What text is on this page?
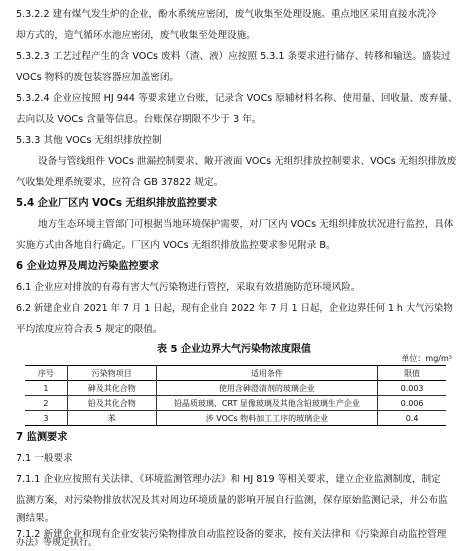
5.3.2.2 建有煤气发生炉的企业，酚水系统应密闭，废气收集至处理设施。重点地区采用直接水洗冷
却方式的，造气循环水池应密闭，废气收集至处理设施。
5.3.2.3 工艺过程产生的含 VOCs 废料（渣、液）应按照 5.3.1 条要求进行储存、转移和输送。盛装过
VOCs 物料的废包装容器应加盖密闭。
5.3.2.4 企业应按照 HJ 944 等要求建立台账，记录含 VOCs 原辅材料名称、使用量、回收量、废弃量、
去向以及 VOCs 含量等信息。台账保存期限不少于 3 年。
5.3.3 其他 VOCs 无组织排放控制
设备与管线组件 VOCs 泄漏控制要求、敞开液面 VOCs 无组织排放控制要求、VOCs 无组织排放废
气收集处理系统要求，应符合 GB 37822 规定。
5.4 企业厂区内 VOCs 无组织排放监控要求
地方生态环境主管部门可根据当地环境保护需要，对厂区内 VOCs 无组织排放状况进行监控，具体
实施方式由各地自行确定。厂区内 VOCs 无组织排放监控要求参见附录 B。
6 企业边界及周边污染监控要求
6.1 企业应对排放的有毒有害大气污染物进行管控，采取有效措施防范环境风险。
6.2 新建企业自 2021 年 7 月 1 日起，现有企业自 2022 年 7 月 1 日起，企业边界任何 1 h 大气污染物
平均浓度应符合表 5 规定的限值。
表 5 企业边界大气污染物浓度限值
单位：mg/m³
序号	污染物项目	适用条件	限值
1	砷及其化合物	使用含砷澄清剂的玻璃企业	0.003
2	铅及其化合物	铅晶质玻璃、CRT 显像玻璃及其他含铅玻璃生产企业	0.006
3	苯	涉 VOCs 物料加工工序的玻璃企业	0.4
7 监测要求
7.1 一般要求
7.1.1 企业应按照有关法律、《环境监测管理办法》和 HJ 819 等相关要求，建立企业监测制度，制定
监测方案，对污染物排放状况及其对周边环境质量的影响开展自行监测，保存原始监测记录，并公布监
测结果。
7.1.2 新建企业和现有企业安装污染物排放自动监控设备的要求，按有关法律和《污染源自动监控管理
办法》等规定执行。
